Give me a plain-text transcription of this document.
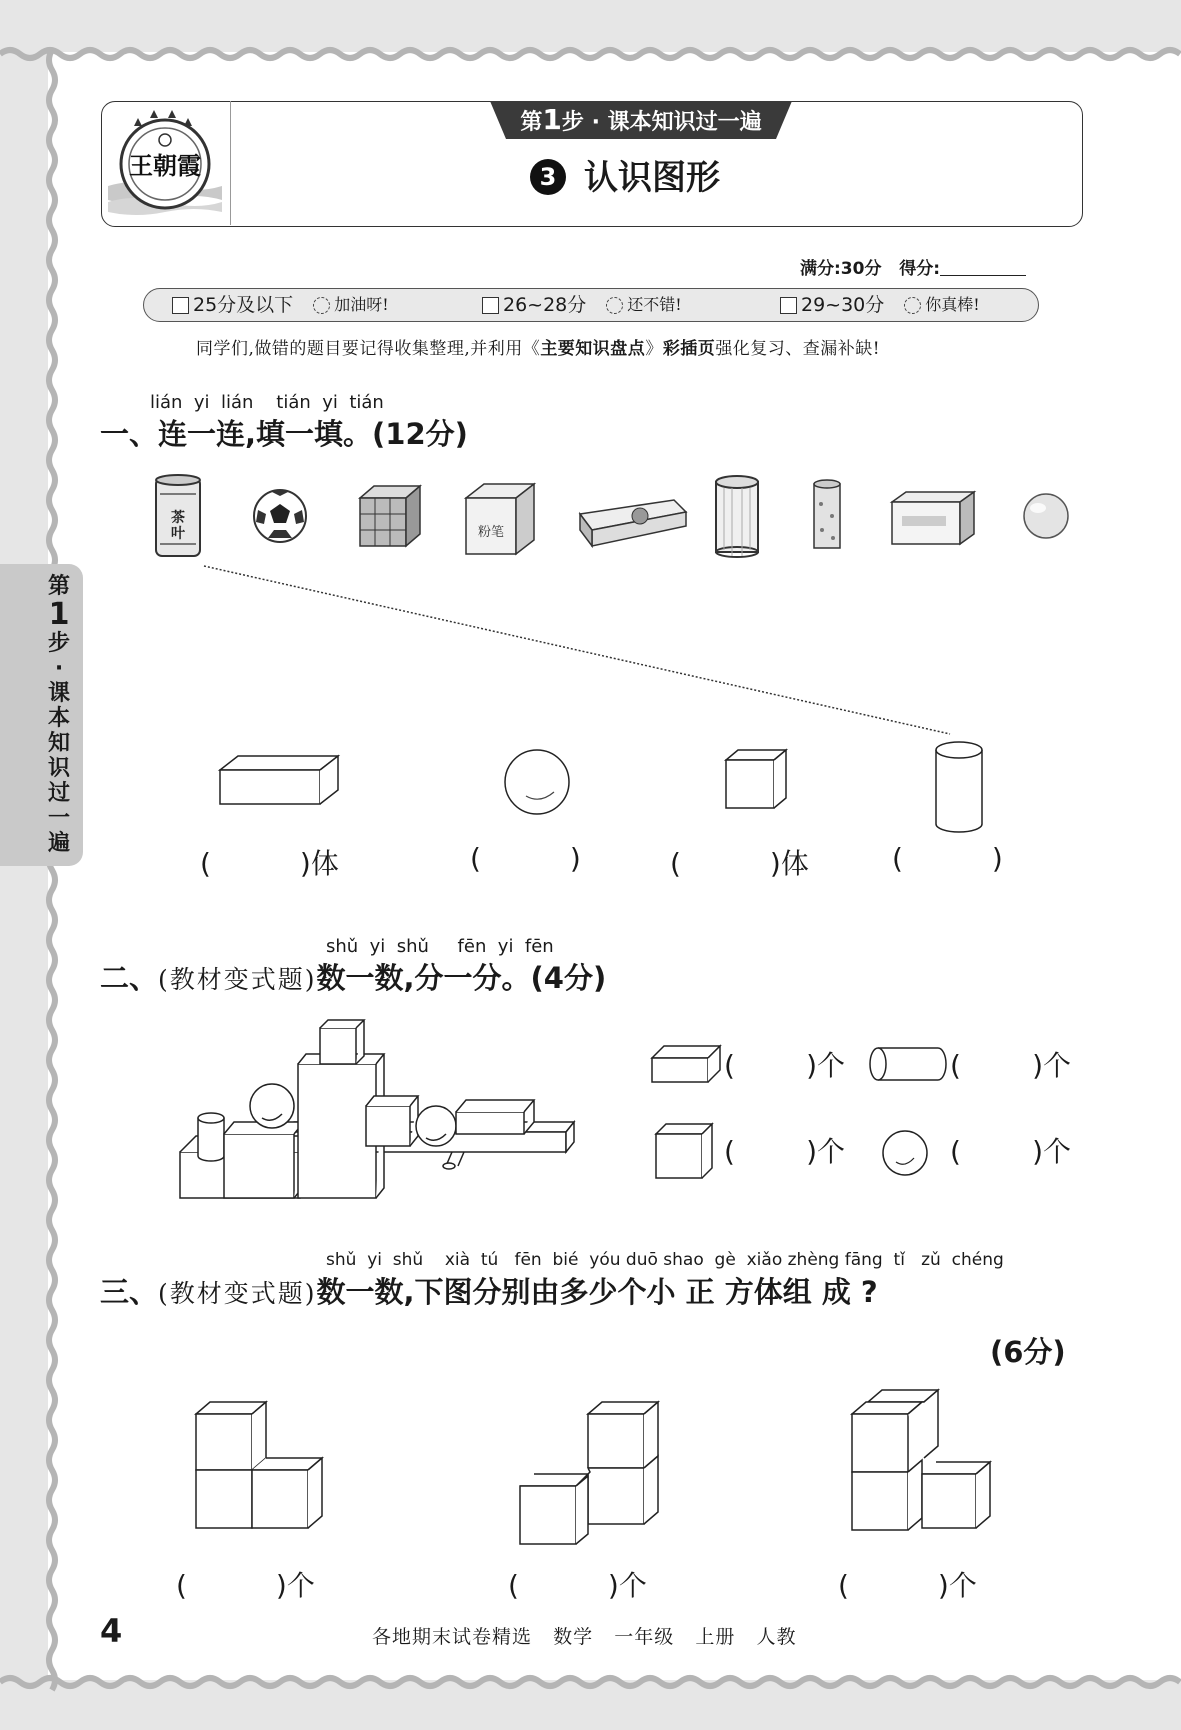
王朝霞
第1步 · 课本知识过一遍
3 认识图形
满分:30分 得分:
25分及以下	加油呀!	26~28分	还不错!	29~30分	你真棒!
同学们,做错的题目要记得收集整理,并利用《主要知识盘点》彩插页强化复习、查漏补缺!
第
1
步
·
课
本
知
识
过
一
遍
lián  yi  lián    tián  yi  tián
一、连一连,填一填。(12分)
茶
叶	粉笔
(          )体	(          )	(          )体	(          )
shǔ  yi  shǔ     fēn  yi  fēn
二、(教材变式题)数一数,分一分。(4分)
(        )个	(        )个
(        )个	(        )个
shǔ  yi  shǔ    xià  tú   fēn  bié  yóu duō shao  gè  xiǎo zhèng fāng  tǐ   zǔ  chéng
三、(教材变式题)数一数,下图分别由多少个小 正 方体组 成 ?
(6分)
(          )个	(          )个	(          )个
4	各地期末试卷精选   数学   一年级   上册   人教
